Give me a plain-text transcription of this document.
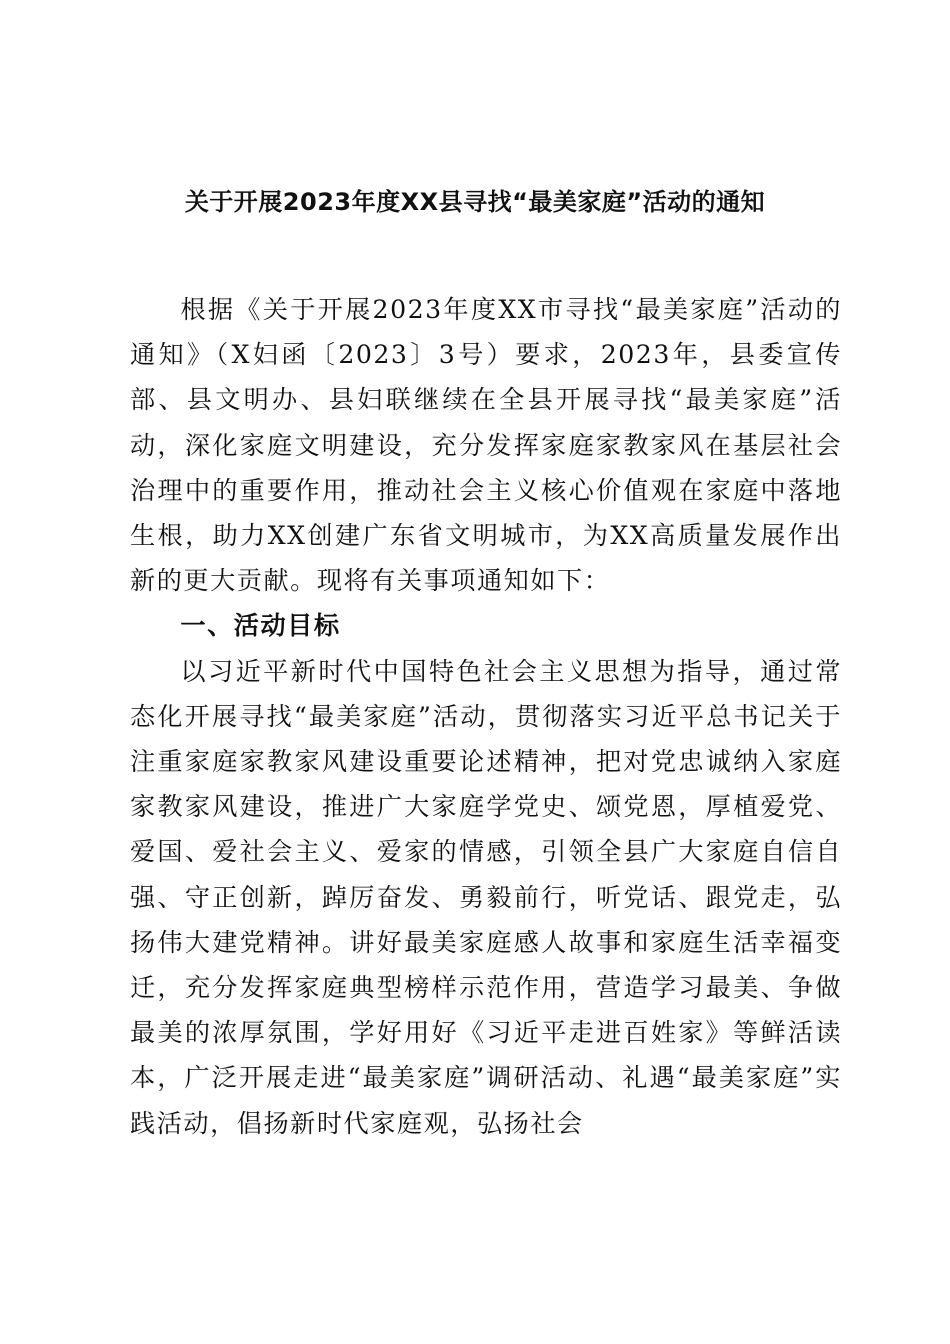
关于开展2023年度XX县寻找“最美家庭”活动的通知

根据《关于开展2023年度XX市寻找“最美家庭”活动的通知》（X妇函〔2023〕3号）要求，2023年，县委宣传部、县文明办、县妇联继续在全县开展寻找“最美家庭”活动，深化家庭文明建设，充分发挥家庭家教家风在基层社会治理中的重要作用，推动社会主义核心价值观在家庭中落地生根，助力XX创建广东省文明城市，为XX高质量发展作出新的更大贡献。现将有关事项通知如下：

一、活动目标

以习近平新时代中国特色社会主义思想为指导，通过常态化开展寻找“最美家庭”活动，贯彻落实习近平总书记关于注重家庭家教家风建设重要论述精神，把对党忠诚纳入家庭家教家风建设，推进广大家庭学党史、颂党恩，厚植爱党、爱国、爱社会主义、爱家的情感，引领全县广大家庭自信自强、守正创新，踔厉奋发、勇毅前行，听党话、跟党走，弘扬伟大建党精神。讲好最美家庭感人故事和家庭生活幸福变迁，充分发挥家庭典型榜样示范作用，营造学习最美、争做最美的浓厚氛围，学好用好《习近平走进百姓家》等鲜活读本，广泛开展走进“最美家庭”调研活动、礼遇“最美家庭”实践活动，倡扬新时代家庭观，弘扬社会
